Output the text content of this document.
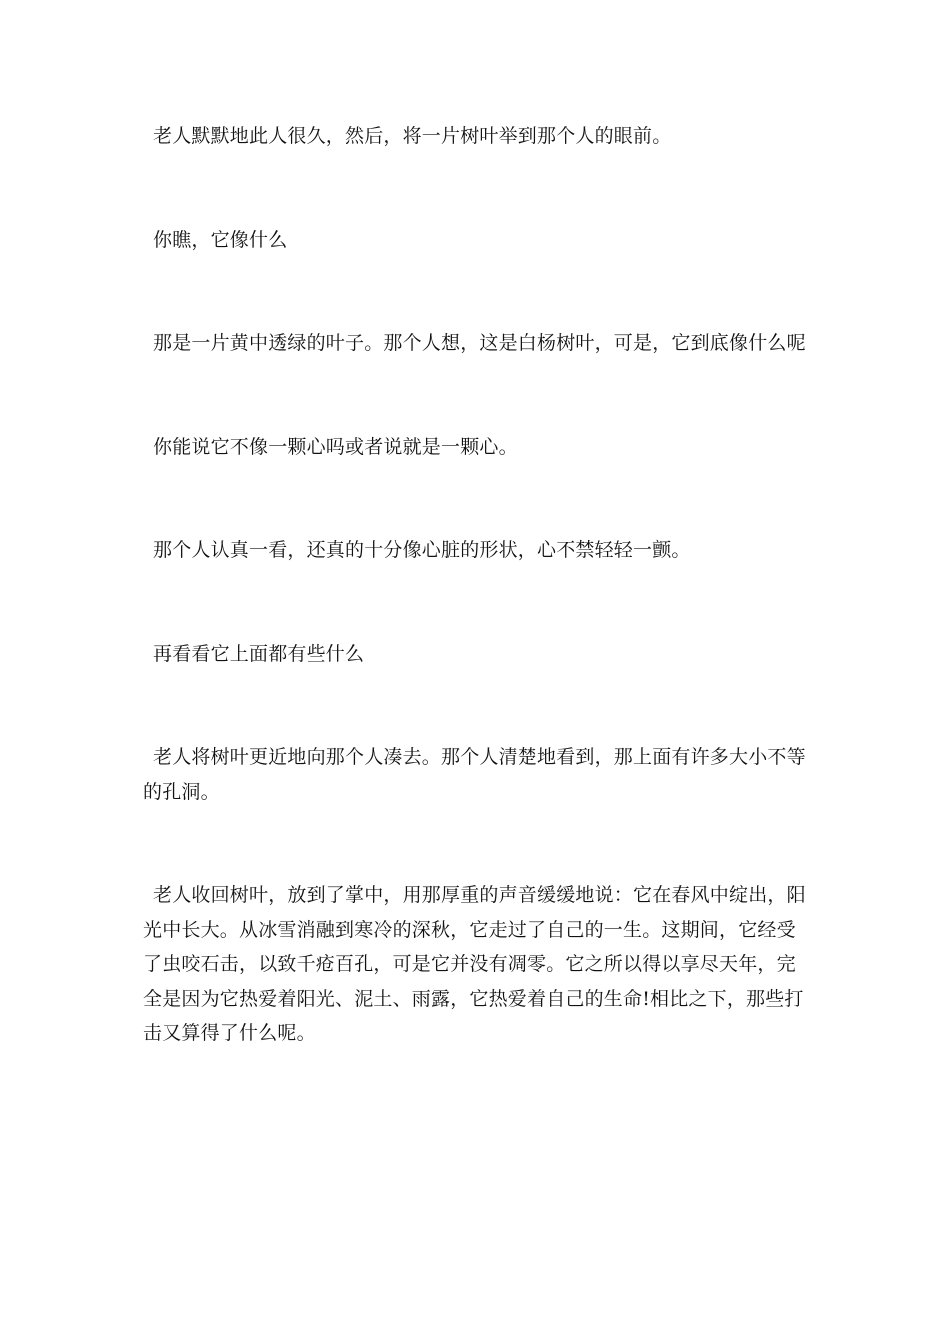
老人默默地此人很久，然后，将一片树叶举到那个人的眼前。

你瞧，它像什么

那是一片黄中透绿的叶子。那个人想，这是白杨树叶，可是，它到底像什么呢

你能说它不像一颗心吗或者说就是一颗心。

那个人认真一看，还真的十分像心脏的形状，心不禁轻轻一颤。

再看看它上面都有些什么

老人将树叶更近地向那个人凑去。那个人清楚地看到，那上面有许多大小不等的孔洞。

老人收回树叶，放到了掌中，用那厚重的声音缓缓地说：它在春风中绽出，阳光中长大。从冰雪消融到寒冷的深秋，它走过了自己的一生。这期间，它经受了虫咬石击，以致千疮百孔，可是它并没有凋零。它之所以得以享尽天年，完全是因为它热爱着阳光、泥土、雨露，它热爱着自己的生命!相比之下，那些打击又算得了什么呢。
